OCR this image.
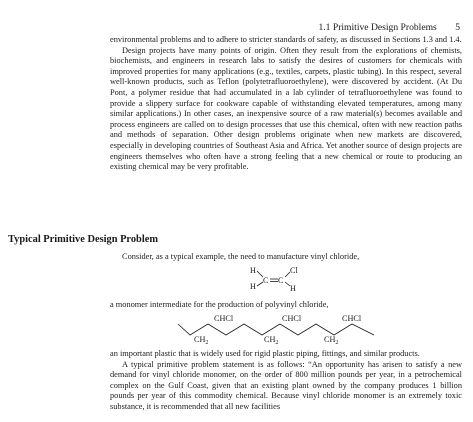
1.1 Primitive Design Problems 5

environmental problems and to adhere to stricter standards of safety, as discussed in Sections 1.3 and 1.4.

Design projects have many points of origin. Often they result from the explorations of chemists, biochemists, and engineers in research labs to satisfy the desires of customers for chemicals with improved properties for many applications (e.g., textiles, carpets, plastic tubing). In this respect, several well-known products, such as Teflon (polytetrafluoroethylene), were discovered by accident. (At Du Pont, a polymer residue that had accumulated in a lab cylinder of tetrafluoroethylene was found to provide a slippery surface for cookware capable of withstanding elevated temperatures, among many similar applications.) In other cases, an inexpensive source of a raw material(s) becomes available and process engineers are called on to design processes that use this chemical, often with new reaction paths and methods of separation. Other design problems originate when new markets are discovered, especially in developing countries of Southeast Asia and Africa. Yet another source of design projects are engineers themselves who often have a strong feeling that a new chemical or route to producing an existing chemical may be very profitable.

Typical Primitive Design Problem

Consider, as a typical example, the need to manufacture vinyl chloride,

H
H
C C
Cl
H

a monomer intermediate for the production of polyvinyl chloride,

$CH_2$
CHCl
$CH_2$
CHCl
$CH_2$
CHCl

an important plastic that is widely used for rigid plastic piping, fittings, and similar products.

A typical primitive problem statement is as follows: “An opportunity has arisen to satisfy a new demand for vinyl chloride monomer, on the order of 800 million pounds per year, in a petrochemical complex on the Gulf Coast, given that an existing plant owned by the company produces 1 billion pounds per year of this commodity chemical. Because vinyl chloride monomer is an extremely toxic substance, it is recommended that all new facilities
